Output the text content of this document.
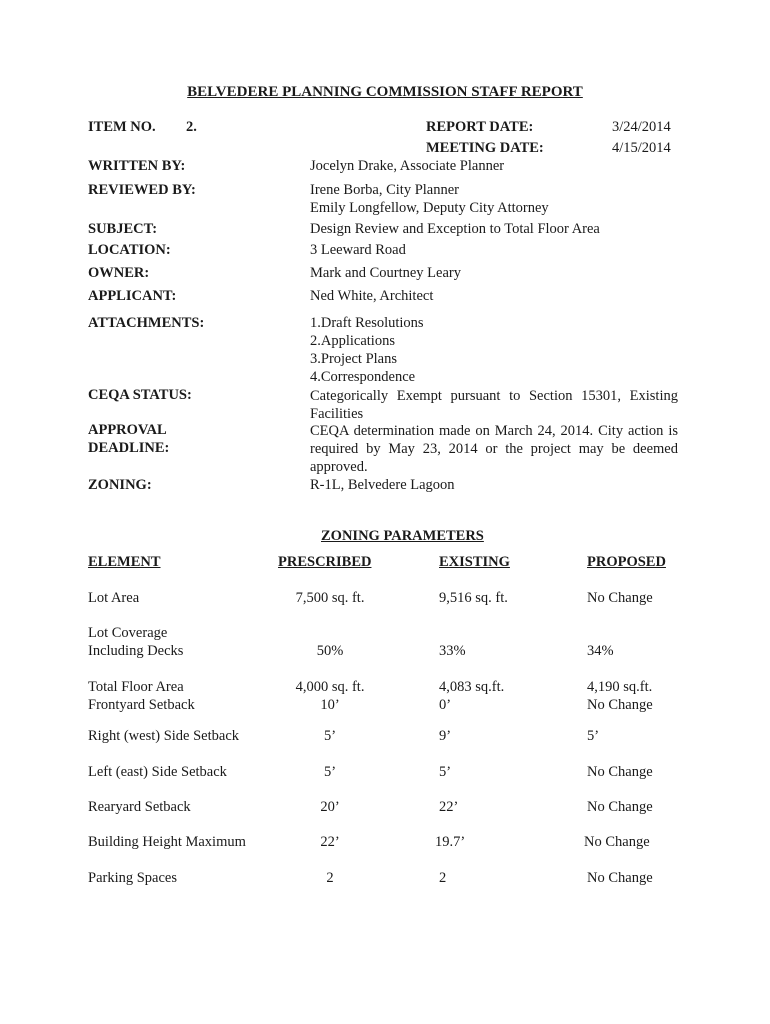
BELVEDERE PLANNING COMMISSION STAFF REPORT
ITEM NO. 2.	REPORT DATE:	3/24/2014
MEETING DATE:	4/15/2014
WRITTEN BY:	Jocelyn Drake, Associate Planner
REVIEWED BY:	Irene Borba, City Planner
Emily Longfellow, Deputy City Attorney
SUBJECT:	Design Review and Exception to Total Floor Area
LOCATION:	3 Leeward Road
OWNER:	Mark and Courtney Leary
APPLICANT:	Ned White, Architect
ATTACHMENTS:	1.Draft Resolutions
2.Applications
3.Project Plans
4.Correspondence
CEQA STATUS:	Categorically Exempt pursuant to Section 15301, Existing Facilities
APPROVAL
DEADLINE:
CEQA determination made on March 24, 2014. City action is required by May 23, 2014 or the project may be deemed approved.
ZONING:	R-1L, Belvedere Lagoon
ZONING PARAMETERS
ELEMENT	PRESCRIBED	EXISTING	PROPOSED
Lot Area	7,500 sq. ft.	9,516 sq. ft.	No Change
Lot Coverage
Including Decks	50%	33%	34%
Total Floor Area	4,000 sq. ft.	4,083 sq.ft.	4,190 sq.ft.
Frontyard Setback	10’	0’	No Change
Right (west) Side Setback	5’	9’	5’
Left (east) Side Setback	5’	5’	No Change
Rearyard Setback	20’	22’	No Change
Building Height Maximum	22’	19.7’	No Change
Parking Spaces	2	2	No Change
